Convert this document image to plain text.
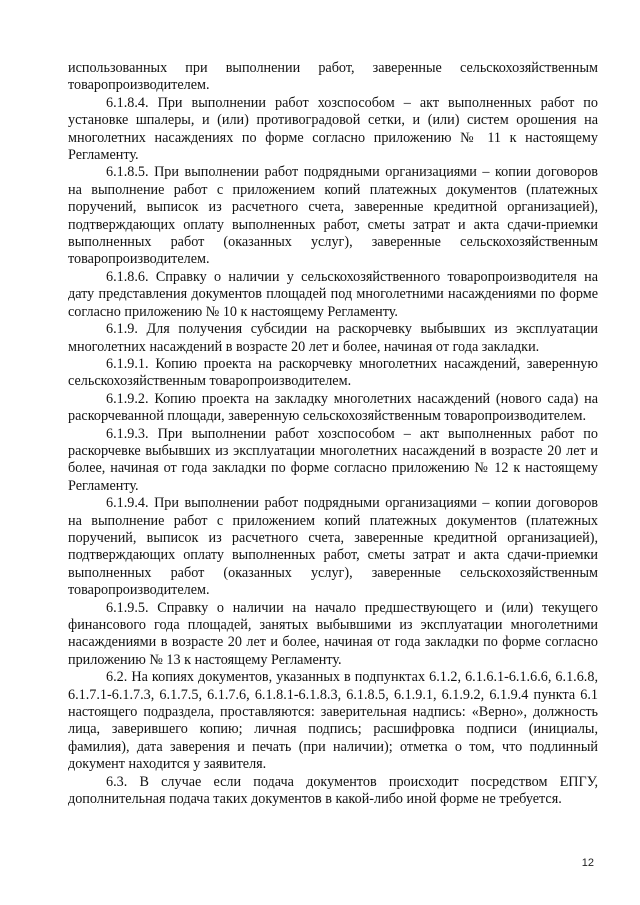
использованных при выполнении работ, заверенные сельскохозяйственным товаропроизводителем.

6.1.8.4. При выполнении работ хозспособом – акт выполненных работ по установке шпалеры, и (или) противоградовой сетки, и (или) систем орошения на многолетних насаждениях по форме согласно приложению № 11 к настоящему Регламенту.

6.1.8.5. При выполнении работ подрядными организациями – копии договоров на выполнение работ с приложением копий платежных документов (платежных поручений, выписок из расчетного счета, заверенные кредитной организацией), подтверждающих оплату выполненных работ, сметы затрат и акта сдачи-приемки выполненных работ (оказанных услуг), заверенные сельскохозяйственным товаропроизводителем.

6.1.8.6. Справку о наличии у сельскохозяйственного товаропроизводителя на дату представления документов площадей под многолетними насаждениями по форме согласно приложению № 10 к настоящему Регламенту.

6.1.9. Для получения субсидии на раскорчевку выбывших из эксплуатации многолетних насаждений в возрасте 20 лет и более, начиная от года закладки.

6.1.9.1. Копию проекта на раскорчевку многолетних насаждений, заверенную сельскохозяйственным товаропроизводителем.

6.1.9.2. Копию проекта на закладку многолетних насаждений (нового сада) на раскорчеванной площади, заверенную сельскохозяйственным товаропроизводителем.

6.1.9.3. При выполнении работ хозспособом – акт выполненных работ по раскорчевке выбывших из эксплуатации многолетних насаждений в возрасте 20 лет и более, начиная от года закладки по форме согласно приложению № 12 к настоящему Регламенту.

6.1.9.4. При выполнении работ подрядными организациями – копии договоров на выполнение работ с приложением копий платежных документов (платежных поручений, выписок из расчетного счета, заверенные кредитной организацией), подтверждающих оплату выполненных работ, сметы затрат и акта сдачи-приемки выполненных работ (оказанных услуг), заверенные сельскохозяйственным товаропроизводителем.

6.1.9.5. Справку о наличии на начало предшествующего и (или) текущего финансового года площадей, занятых выбывшими из эксплуатации многолетними насаждениями в возрасте 20 лет и более, начиная от года закладки по форме согласно приложению № 13 к настоящему Регламенту.

6.2. На копиях документов, указанных в подпунктах 6.1.2, 6.1.6.1-6.1.6.6, 6.1.6.8, 6.1.7.1-6.1.7.3, 6.1.7.5, 6.1.7.6, 6.1.8.1-6.1.8.3, 6.1.8.5, 6.1.9.1, 6.1.9.2, 6.1.9.4 пункта 6.1 настоящего подраздела, проставляются: заверительная надпись: «Верно», должность лица, заверившего копию; личная подпись; расшифровка подписи (инициалы, фамилия), дата заверения и печать (при наличии); отметка о том, что подлинный документ находится у заявителя.

6.3. В случае если подача документов происходит посредством ЕПГУ, дополнительная подача таких документов в какой-либо иной форме не требуется.

12
